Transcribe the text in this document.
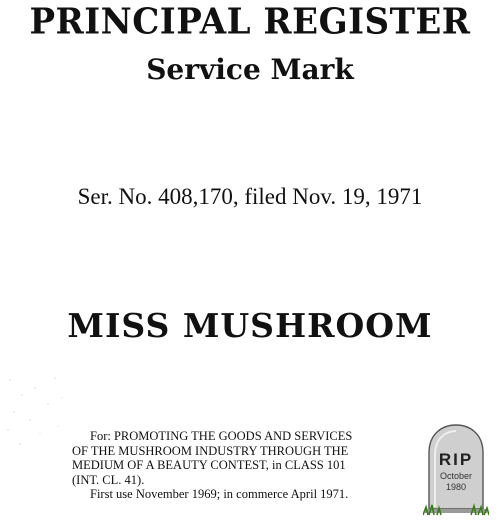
PRINCIPAL REGISTER
Service Mark
Ser. No. 408,170, filed Nov. 19, 1971
MISS MUSHROOM

For: PROMOTING THE GOODS AND SERVICES

OF THE MUSHROOM INDUSTRY THROUGH THE

MEDIUM OF A BEAUTY CONTEST, in CLASS 101

(INT. CL. 41).

First use November 1969; in commerce April 1971.

RIP
October
1980
